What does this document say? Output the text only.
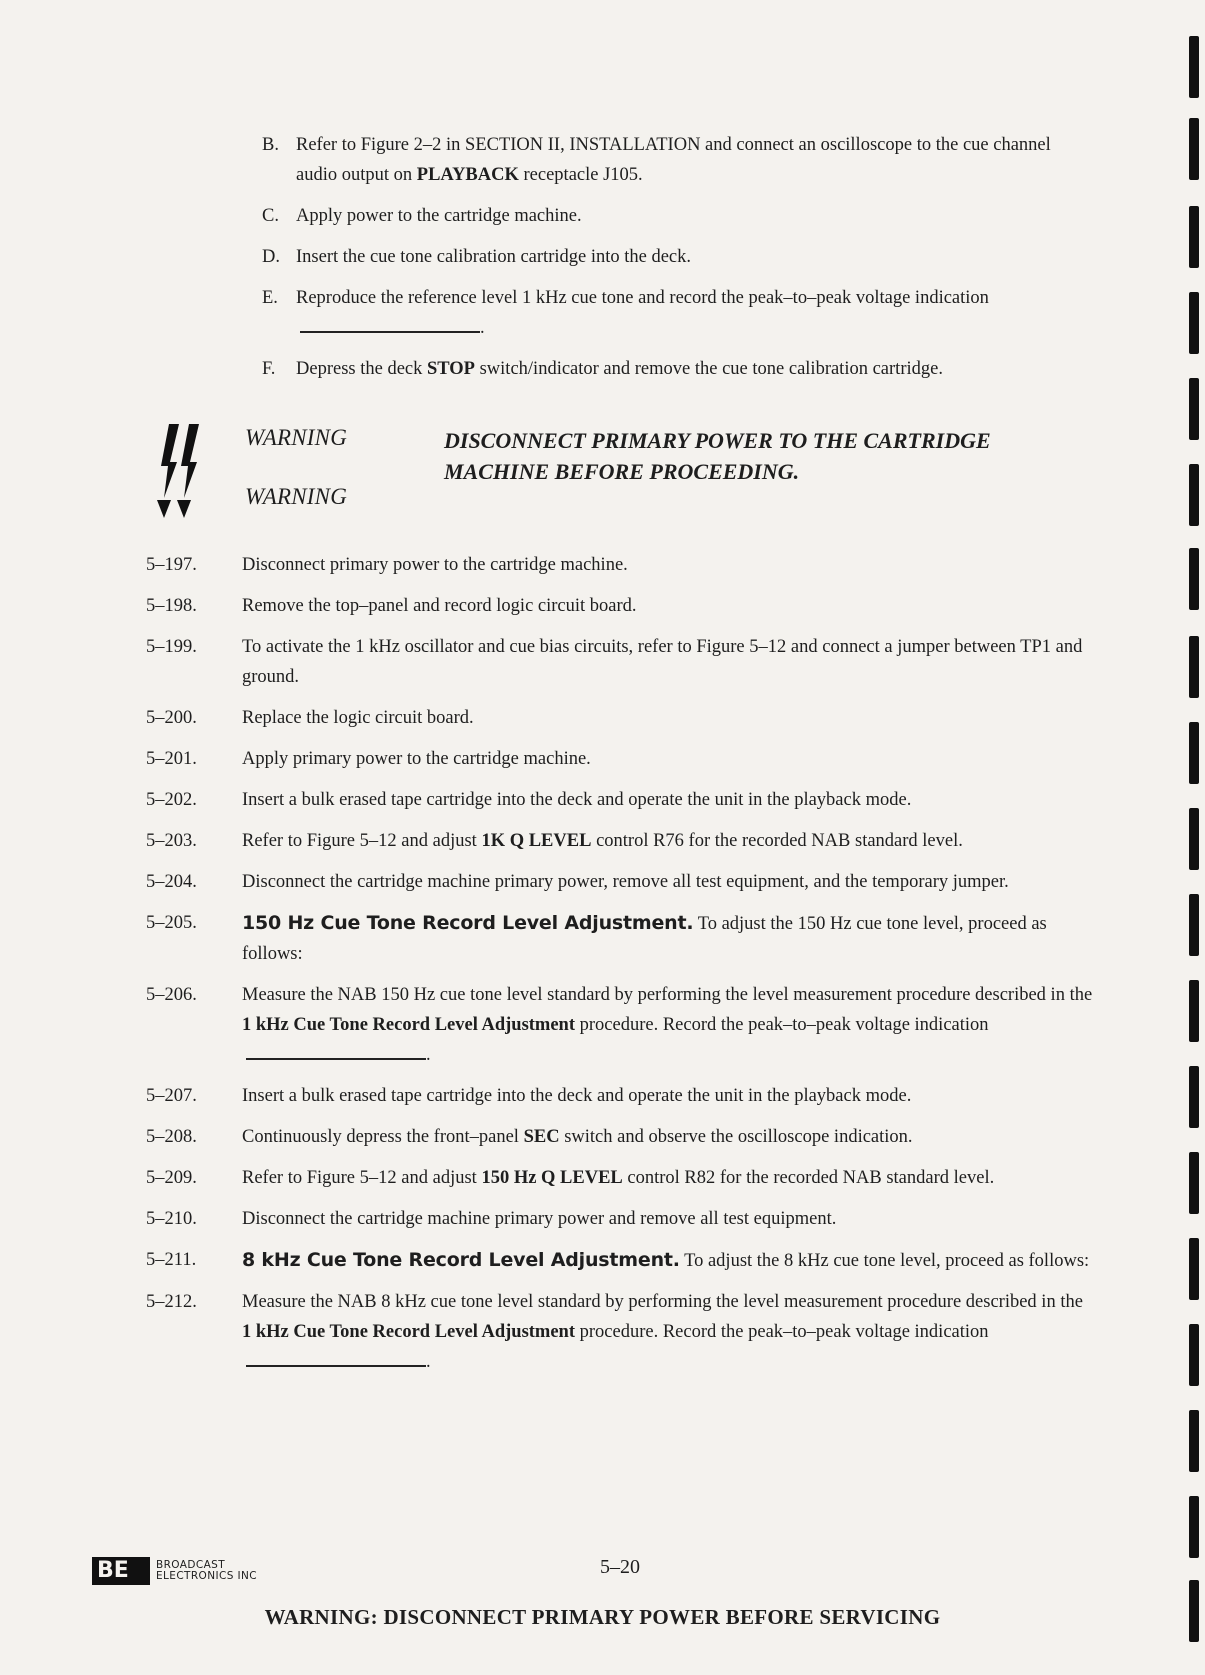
B. Refer to Figure 2–2 in SECTION II, INSTALLATION and connect an oscilloscope to the cue channel audio output on PLAYBACK receptacle J105.
C. Apply power to the cartridge machine.
D. Insert the cue tone calibration cartridge into the deck.
E. Reproduce the reference level 1 kHz cue tone and record the peak–to–peak voltage indication.
F. Depress the deck STOP switch/indicator and remove the cue tone calibration cartridge.
WARNING
WARNING
DISCONNECT PRIMARY POWER TO THE CARTRIDGE MACHINE BEFORE PROCEEDING.
5–197.	Disconnect primary power to the cartridge machine.
5–198.	Remove the top–panel and record logic circuit board.
5–199.	To activate the 1 kHz oscillator and cue bias circuits, refer to Figure 5–12 and connect a jumper between TP1 and ground.
5–200.	Replace the logic circuit board.
5–201.	Apply primary power to the cartridge machine.
5–202.	Insert a bulk erased tape cartridge into the deck and operate the unit in the playback mode.
5–203.	Refer to Figure 5–12 and adjust 1K Q LEVEL control R76 for the recorded NAB standard level.
5–204.	Disconnect the cartridge machine primary power, remove all test equipment, and the temporary jumper.
5–205.	150 Hz Cue Tone Record Level Adjustment. To adjust the 150 Hz cue tone level, proceed as follows:
5–206.	Measure the NAB 150 Hz cue tone level standard by performing the level measurement procedure described in the 1 kHz Cue Tone Record Level Adjustment procedure. Record the peak–to–peak voltage indication.
5–207.	Insert a bulk erased tape cartridge into the deck and operate the unit in the playback mode.
5–208.	Continuously depress the front–panel SEC switch and observe the oscilloscope indication.
5–209.	Refer to Figure 5–12 and adjust 150 Hz Q LEVEL control R82 for the recorded NAB standard level.
5–210.	Disconnect the cartridge machine primary power and remove all test equipment.
5–211.	8 kHz Cue Tone Record Level Adjustment. To adjust the 8 kHz cue tone level, proceed as follows:
5–212.	Measure the NAB 8 kHz cue tone level standard by performing the level measurement procedure described in the 1 kHz Cue Tone Record Level Adjustment procedure. Record the peak–to–peak voltage indication.
BE	BROADCAST
ELECTRONICS INC	5–20
WARNING: DISCONNECT PRIMARY POWER BEFORE SERVICING
